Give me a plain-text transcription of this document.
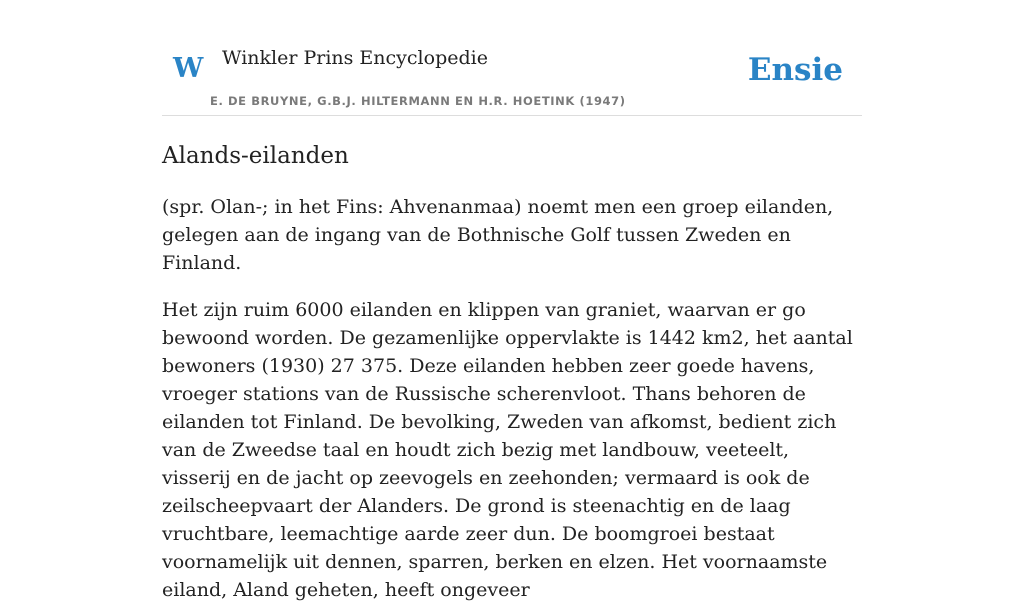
W Winkler Prins Encyclopedie
E. DE BRUYNE, G.B.J. HILTERMANN EN H.R. HOETINK (1947)
Ensie
Alands-eilanden

(spr. Olan-; in het Fins: Ahvenanmaa) noemt men een groep eilanden, gelegen aan de ingang van de Bothnische Golf tussen Zweden en Finland.

Het zijn ruim 6000 eilanden en klippen van graniet, waarvan er go bewoond worden. De gezamenlijke oppervlakte is 1442 km2, het aantal bewoners (1930) 27 375. Deze eilanden hebben zeer goede havens, vroeger stations van de Russische scherenvloot. Thans behoren de eilanden tot Finland. De bevolking, Zweden van afkomst, bedient zich van de Zweedse taal en houdt zich bezig met landbouw, veeteelt, visserij en de jacht op zeevogels en zeehonden; vermaard is ook de zeilscheepvaart der Alanders. De grond is steenachtig en de laag vruchtbare, leemachtige aarde zeer dun. De boomgroei bestaat voornamelijk uit dennen, sparren, berken en elzen. Het voornaamste eiland, Aland geheten, heeft ongeveer
